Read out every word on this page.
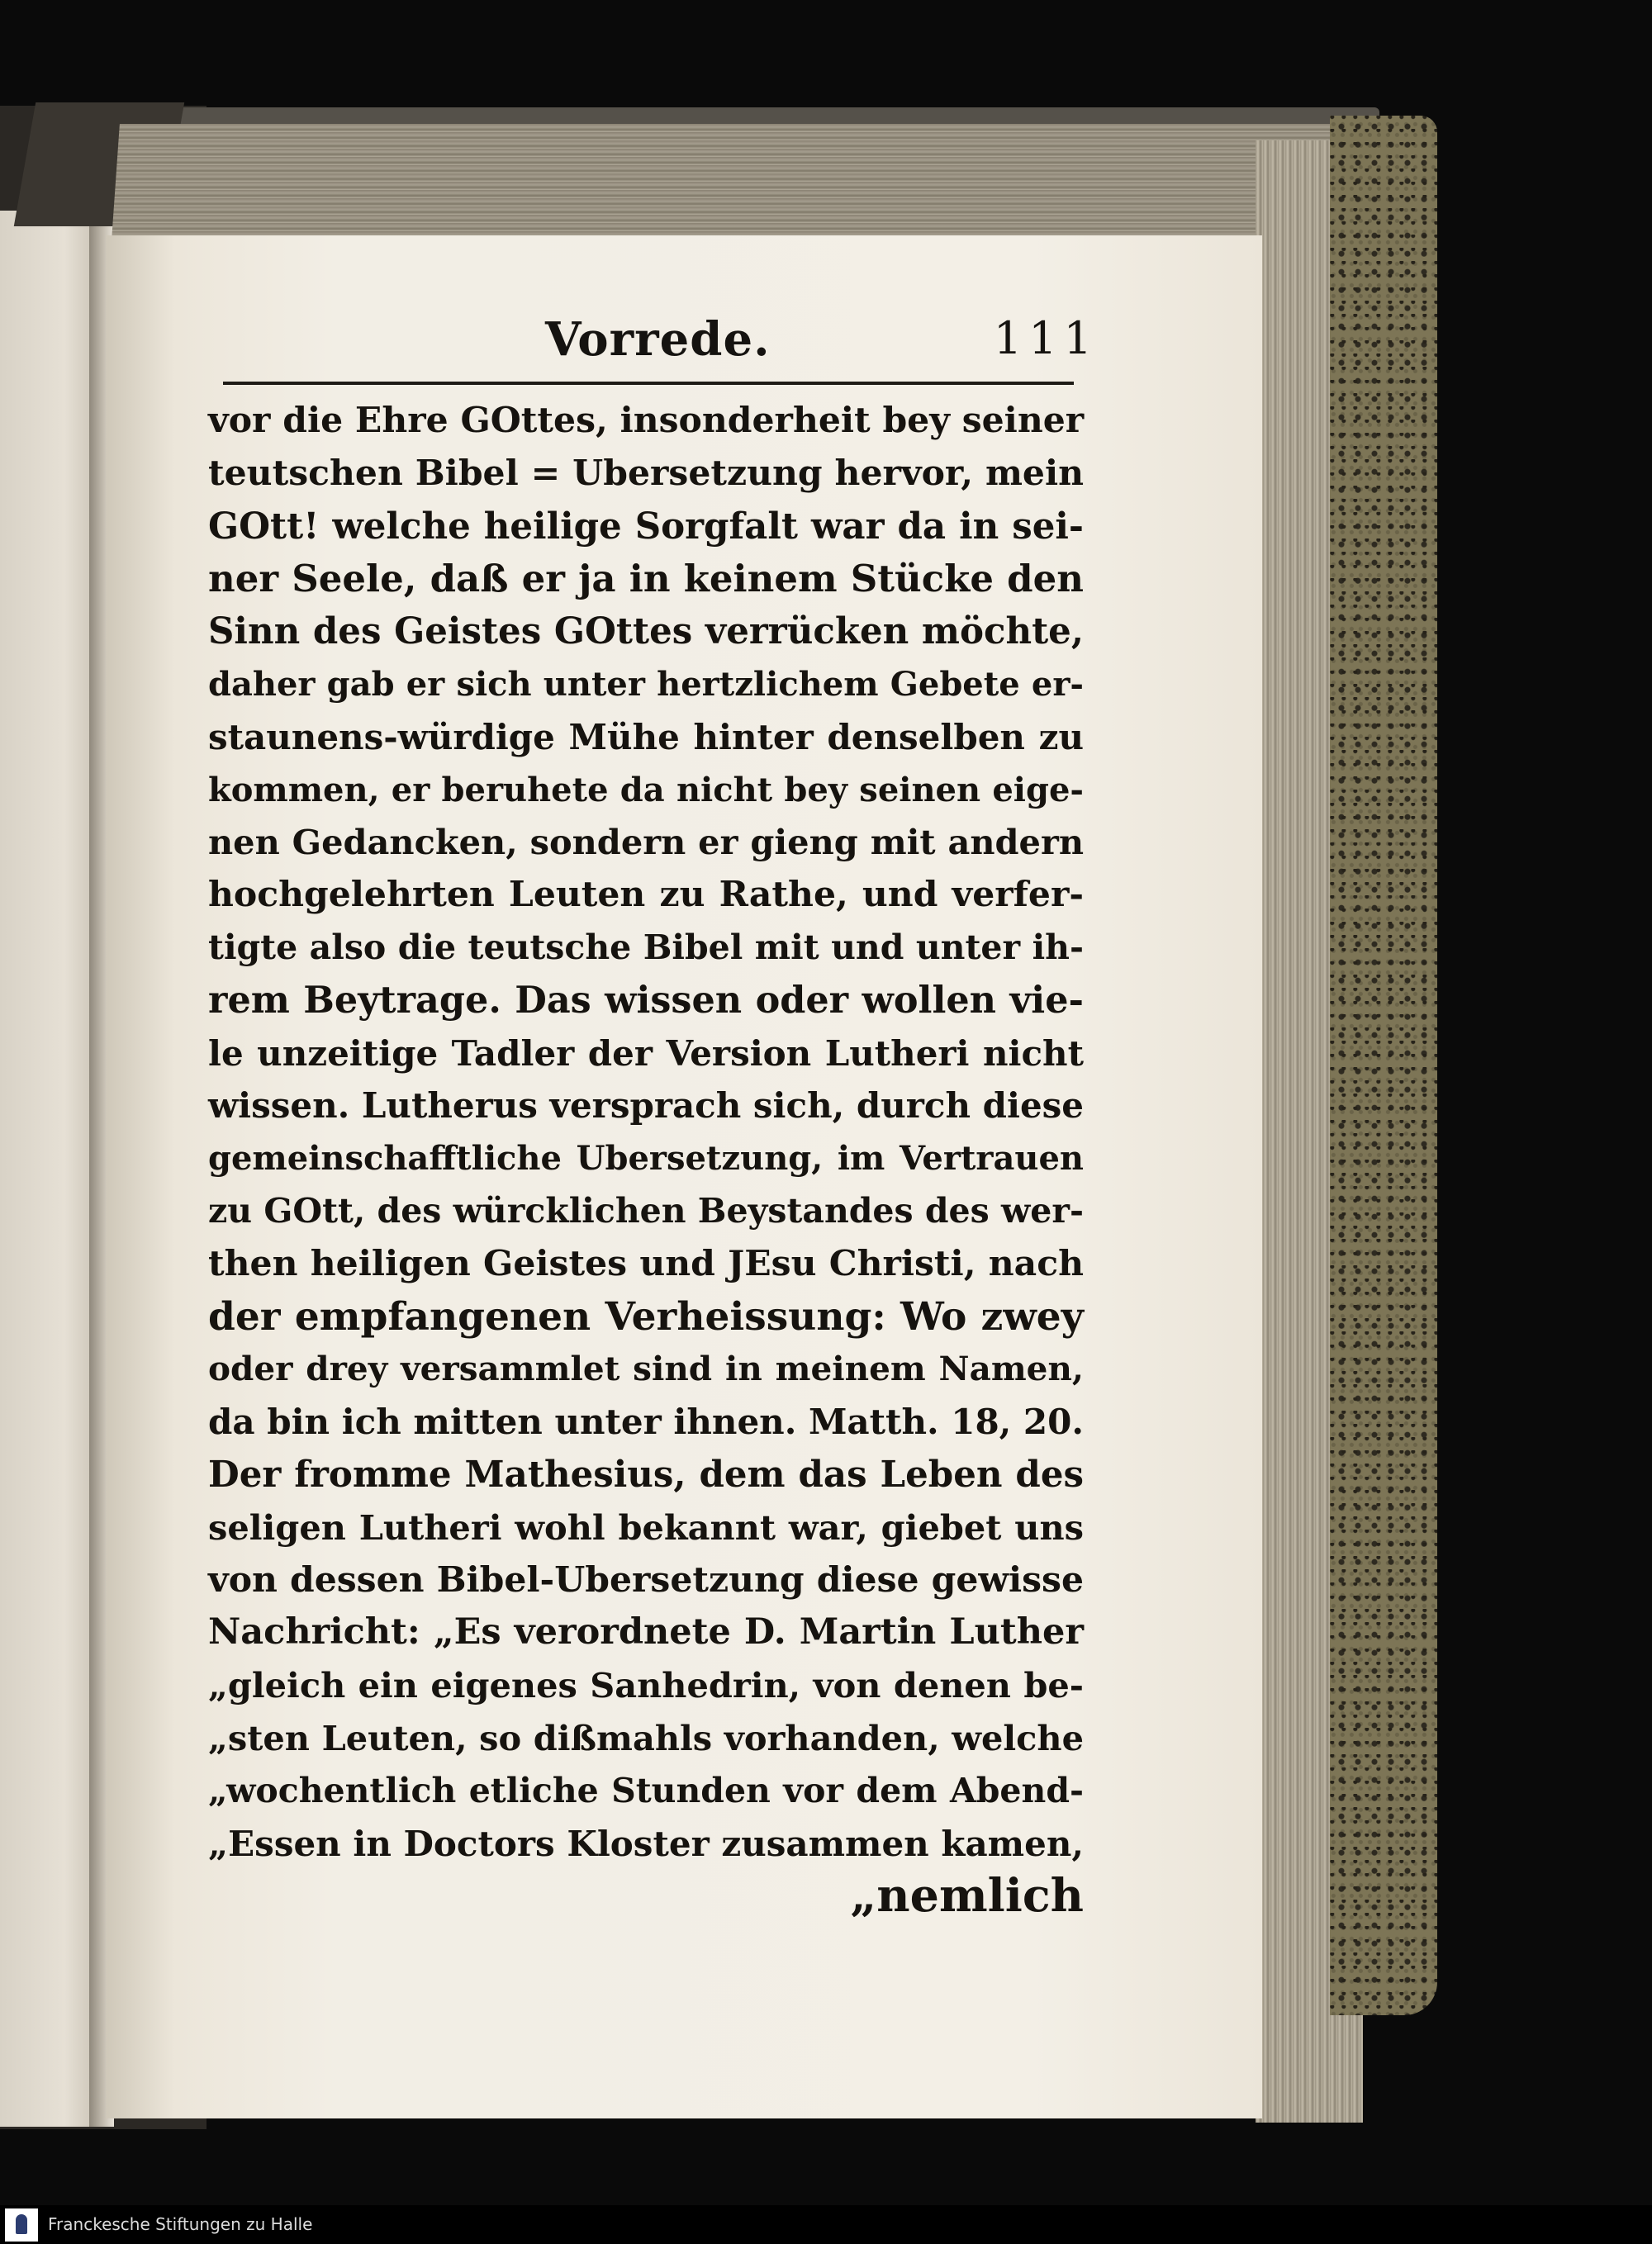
Vorrede.	111
vor die Ehre GOttes, insonderheit bey seiner
teutschen Bibel = Ubersetzung hervor, mein
GOtt! welche heilige Sorgfalt war da in sei-
ner Seele, daß er ja in keinem Stücke den
Sinn des Geistes GOttes verrücken möchte,
daher gab er sich unter hertzlichem Gebete er-
staunens-würdige Mühe hinter denselben zu
kommen, er beruhete da nicht bey seinen eige-
nen Gedancken, sondern er gieng mit andern
hochgelehrten Leuten zu Rathe, und verfer-
tigte also die teutsche Bibel mit und unter ih-
rem Beytrage. Das wissen oder wollen vie-
le unzeitige Tadler der Version Lutheri nicht
wissen. Lutherus versprach sich, durch diese
gemeinschafftliche Ubersetzung, im Vertrauen
zu GOtt, des würcklichen Beystandes des wer-
then heiligen Geistes und JEsu Christi, nach
der empfangenen Verheissung: Wo zwey
oder drey versammlet sind in meinem Namen,
da bin ich mitten unter ihnen. Matth. 18, 20.
Der fromme Mathesius, dem das Leben des
seligen Lutheri wohl bekannt war, giebet uns
von dessen Bibel-Ubersetzung diese gewisse
Nachricht: „Es verordnete D. Martin Luther
„gleich ein eigenes Sanhedrin, von denen be-
„sten Leuten, so dißmahls vorhanden, welche
„wochentlich etliche Stunden vor dem Abend-
„Essen in Doctors Kloster zusammen kamen,
„nemlich
Franckesche Stiftungen zu Halle
